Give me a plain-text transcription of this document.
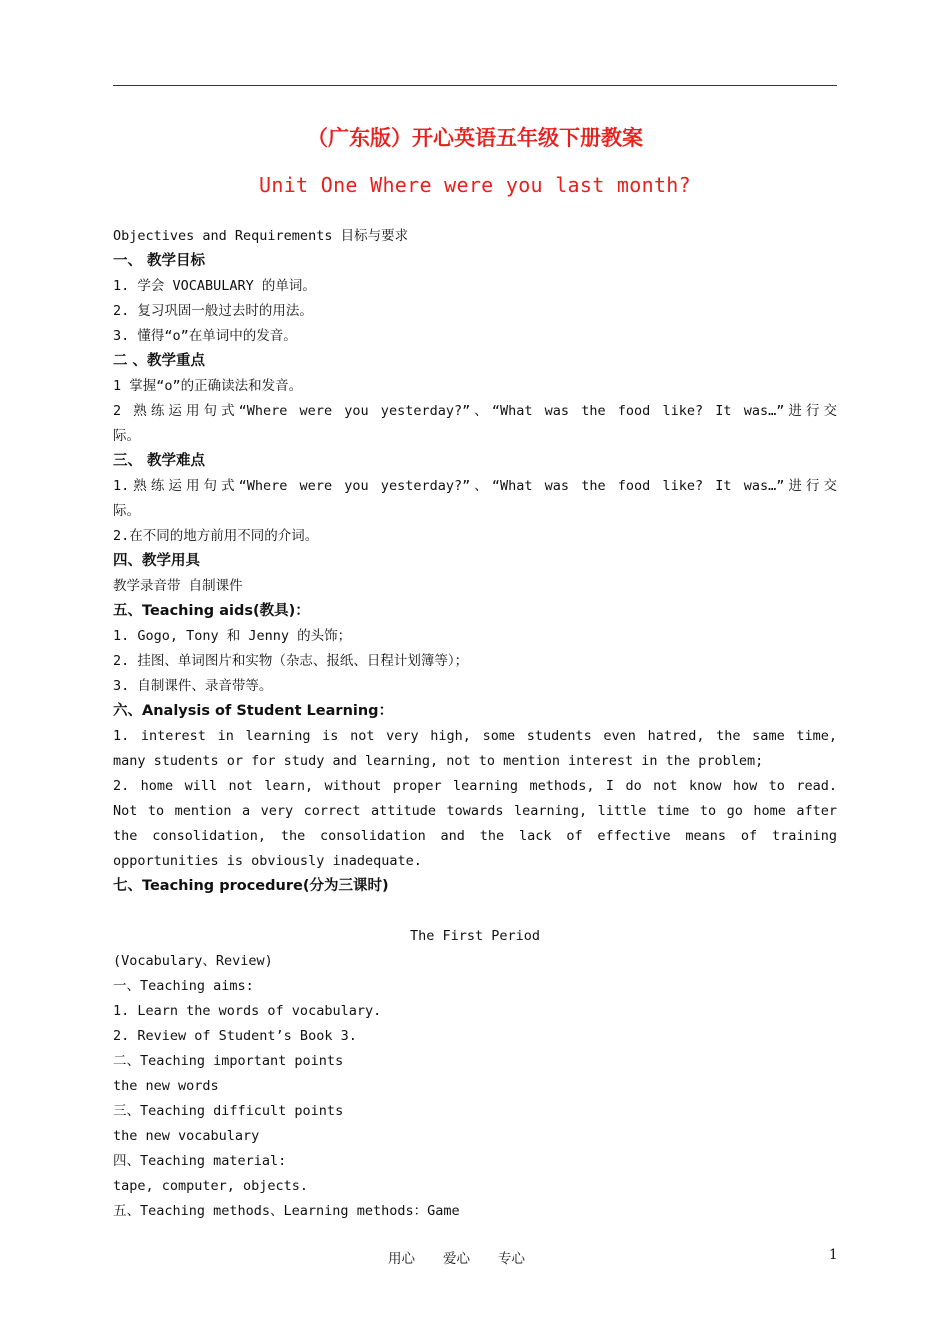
（广东版）开心英语五年级下册教案
Unit One Where were you last month?
Objectives and Requirements 目标与要求
一、 教学目标
1. 学会 VOCABULARY 的单词。
2. 复习巩固一般过去时的用法。
3. 懂得“o”在单词中的发音。
二 、教学重点
1 掌握“o”的正确读法和发音。
2 熟练运用句式“Where were you yesterday?”、“What was the food like? It was…”进行交
际。
三、 教学难点
1.熟练运用句式“Where were you yesterday?”、“What was the food like? It was…”进行交
际。
2.在不同的地方前用不同的介词。
四、教学用具
教学录音带 自制课件
五、Teaching aids(教具)：
1. Gogo, Tony 和 Jenny 的头饰；
2. 挂图、单词图片和实物（杂志、报纸、日程计划簿等）；
3. 自制课件、录音带等。
六、Analysis of Student Learning：
1. interest in learning is not very high, some students even hatred, the same time,
many students or for study and learning, not to mention interest in the problem;
2. home will not learn, without proper learning methods, I do not know how to read.
Not to mention a very correct attitude towards learning, little time to go home after
the consolidation, the consolidation and the lack of effective means of training
opportunities is obviously inadequate.
七、Teaching procedure(分为三课时)
The First Period
(Vocabulary、Review)
一、Teaching aims:
1. Learn the words of vocabulary.
2. Review of Student’s Book 3.
二、Teaching important points
the new words
三、Teaching difficult points
the new vocabulary
四、Teaching material:
tape, computer, objects.
五、Teaching methods、Learning methods：Game
用心 爱心 专心	1
